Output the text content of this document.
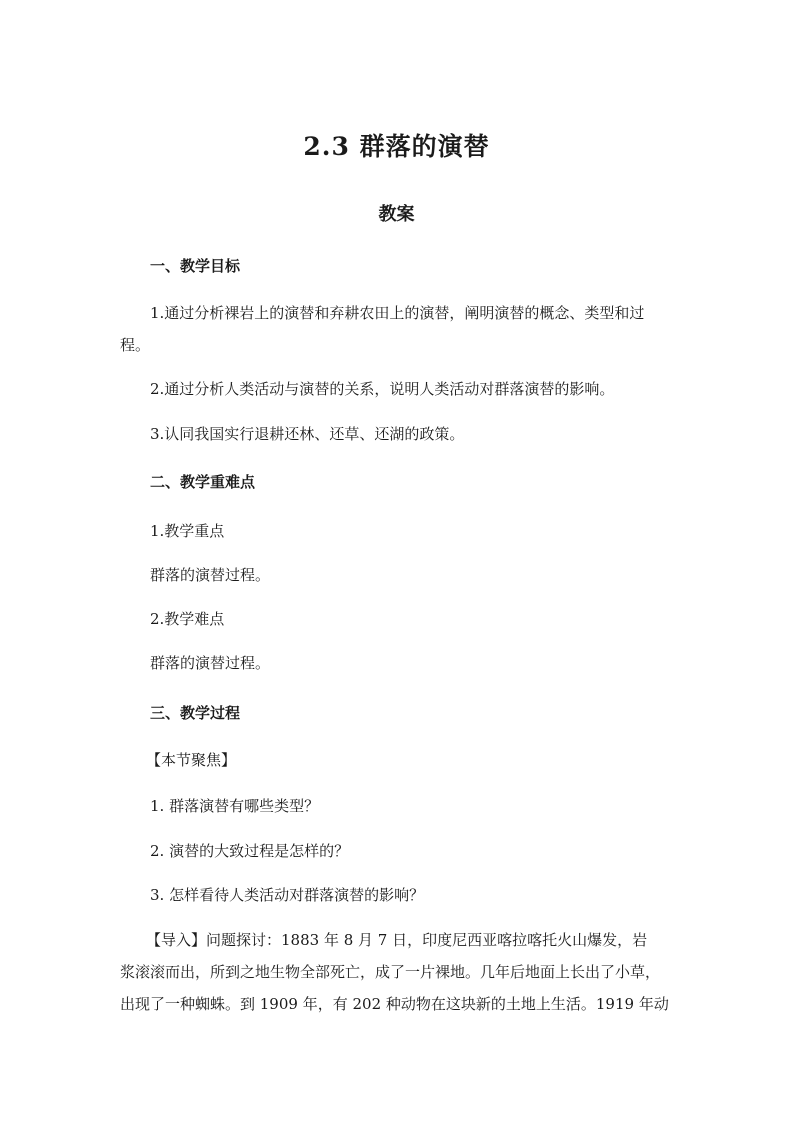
2.3 群落的演替
教案
一、教学目标
1.通过分析裸岩上的演替和弃耕农田上的演替，阐明演替的概念、类型和过
程。
2.通过分析人类活动与演替的关系，说明人类活动对群落演替的影响。
3.认同我国实行退耕还林、还草、还湖的政策。
二、教学重难点
1.教学重点
群落的演替过程。
2.教学难点
群落的演替过程。
三、教学过程
【本节聚焦】
1. 群落演替有哪些类型？
2. 演替的大致过程是怎样的？
3. 怎样看待人类活动对群落演替的影响？
【导入】问题探讨：1883 年 8 月 7 日，印度尼西亚喀拉喀托火山爆发，岩
浆滚滚而出，所到之地生物全部死亡，成了一片裸地。几年后地面上长出了小草，
出现了一种蜘蛛。到 1909 年，有 202 种动物在这块新的土地上生活。1919 年动
